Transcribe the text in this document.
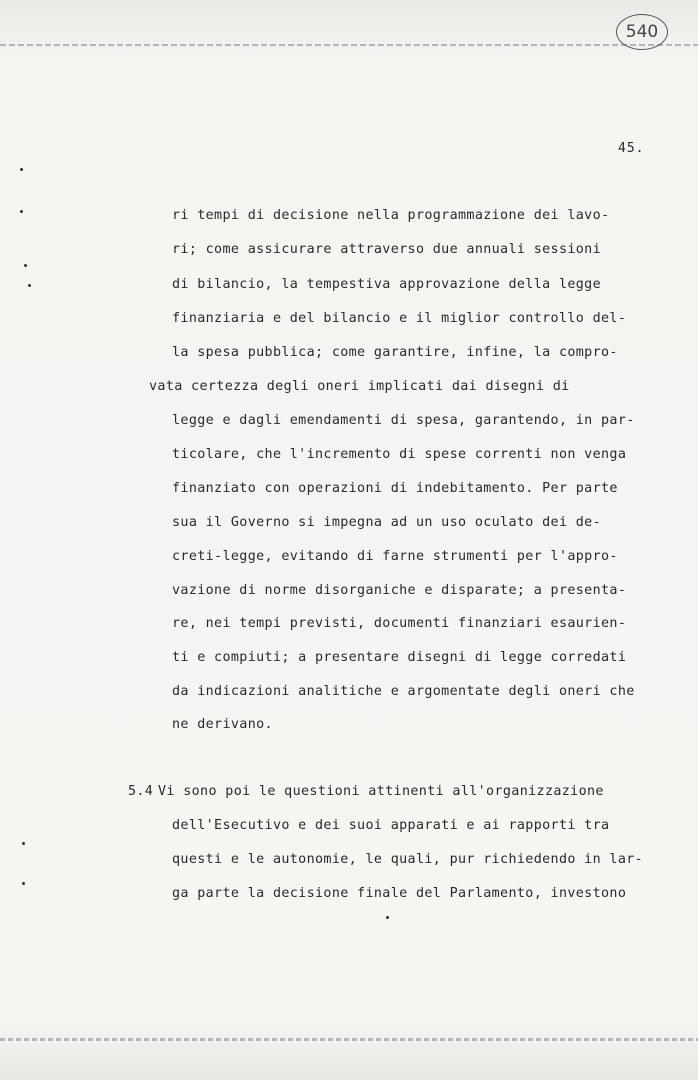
540
45.
ri tempi di decisione nella programmazione dei lavo-
ri; come assicurare attraverso due annuali sessioni
di bilancio, la tempestiva approvazione della legge
finanziaria e del bilancio e il miglior controllo del-
la spesa pubblica; come garantire, infine, la compro-
vata certezza degli oneri implicati dai disegni di
legge e dagli emendamenti di spesa, garantendo, in par-
ticolare, che l'incremento di spese correnti non venga
finanziato con operazioni di indebitamento. Per parte
sua il Governo si impegna ad un uso oculato dei de-
creti-legge, evitando di farne strumenti per l'appro-
vazione di norme disorganiche e disparate; a presenta-
re, nei tempi previsti, documenti finanziari esaurien-
ti e compiuti; a presentare disegni di legge corredati
da indicazioni analitiche e argomentate degli oneri che
ne derivano.
5.4 Vi sono poi le questioni attinenti all'organizzazione
dell'Esecutivo e dei suoi apparati e ai rapporti tra
questi e le autonomie, le quali, pur richiedendo in lar-
ga parte la decisione finale del Parlamento, investono
